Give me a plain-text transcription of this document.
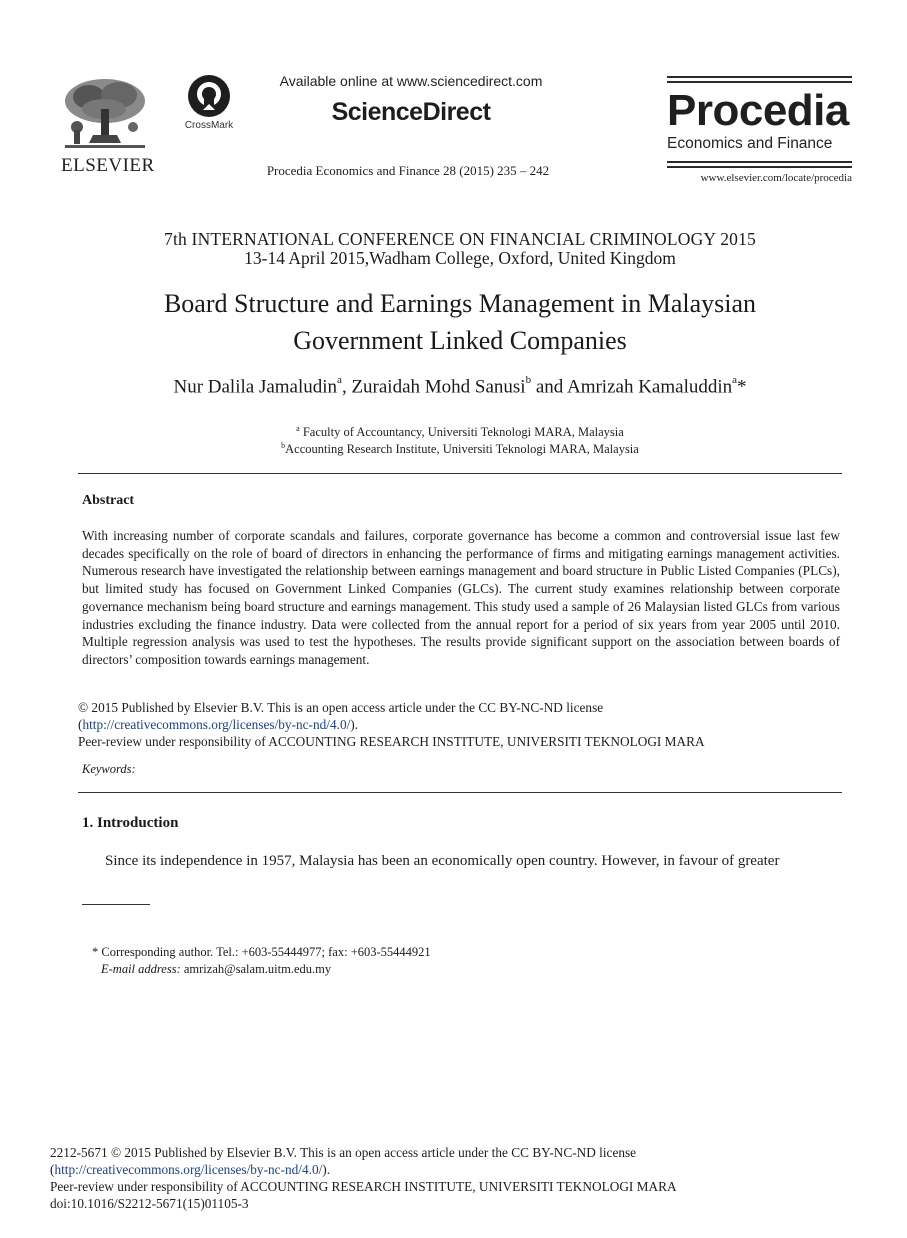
ELSEVIER
CrossMark
Available online at www.sciencedirect.com
ScienceDirect
Procedia Economics and Finance 28 (2015) 235 – 242
Procedia
Economics and Finance
www.elsevier.com/locate/procedia
7th INTERNATIONAL CONFERENCE ON FINANCIAL CRIMINOLOGY 2015
13-14 April 2015,Wadham College, Oxford, United Kingdom
Board Structure and Earnings Management in Malaysian
Government Linked Companies
Nur Dalila Jamaludin$^a$, Zuraidah Mohd Sanusi$^b$ and Amrizah Kamaluddin$^a$*
$^a$ Faculty of Accountancy, Universiti Teknologi MARA, Malaysia
$^b$Accounting Research Institute, Universiti Teknologi MARA, Malaysia
Abstract
With increasing number of corporate scandals and failures, corporate governance has become a common and controversial issue last few decades specifically on the role of board of directors in enhancing the performance of firms and mitigating earnings management activities. Numerous research have investigated the relationship between earnings management and board structure in Public Listed Companies (PLCs), but limited study has focused on Government Linked Companies (GLCs). The current study examines relationship between corporate governance mechanism being board structure and earnings management. This study used a sample of 26 Malaysian listed GLCs from various industries excluding the finance industry. Data were collected from the annual report for a period of six years from year 2005 until 2010. Multiple regression analysis was used to test the hypotheses. The results provide significant support on the association between boards of directors’ composition towards earnings management.
© 2015 Published by Elsevier B.V. This is an open access article under the CC BY-NC-ND license
(http://creativecommons.org/licenses/by-nc-nd/4.0/).
Peer-review under responsibility of ACCOUNTING RESEARCH INSTITUTE, UNIVERSITI TEKNOLOGI MARA
Keywords:
1. Introduction
Since its independence in 1957, Malaysia has been an economically open country. However, in favour of greater
* Corresponding author. Tel.: +603-55444977; fax: +603-55444921
E-mail address: amrizah@salam.uitm.edu.my
2212-5671 © 2015 Published by Elsevier B.V. This is an open access article under the CC BY-NC-ND license
(http://creativecommons.org/licenses/by-nc-nd/4.0/).
Peer-review under responsibility of ACCOUNTING RESEARCH INSTITUTE, UNIVERSITI TEKNOLOGI MARA
doi:10.1016/S2212-5671(15)01105-3
